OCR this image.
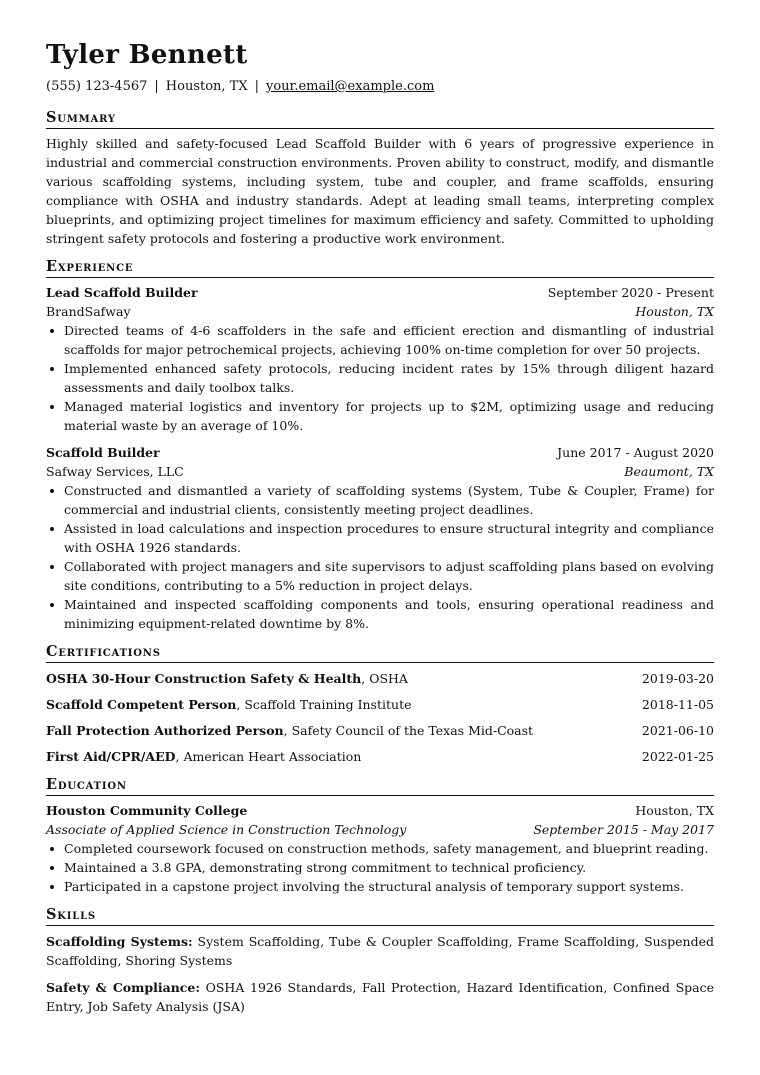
Tyler Bennett
(555) 123-4567 | Houston, TX | your.email@example.com
Summary
Highly skilled and safety-focused Lead Scaffold Builder with 6 years of progressive experience in industrial and commercial construction environments. Proven ability to construct, modify, and dismantle various scaffolding systems, including system, tube and coupler, and frame scaffolds, ensuring compliance with OSHA and industry standards. Adept at leading small teams, interpreting complex blueprints, and optimizing project timelines for maximum efficiency and safety. Committed to upholding stringent safety protocols and fostering a productive work environment.
Experience
Lead Scaffold Builder	September 2020 - Present
BrandSafway	Houston, TX
Directed teams of 4-6 scaffolders in the safe and efficient erection and dismantling of industrial scaffolds for major petrochemical projects, achieving 100% on-time completion for over 50 projects.
Implemented enhanced safety protocols, reducing incident rates by 15% through diligent hazard assessments and daily toolbox talks.
Managed material logistics and inventory for projects up to $2M, optimizing usage and reducing material waste by an average of 10%.
Scaffold Builder	June 2017 - August 2020
Safway Services, LLC	Beaumont, TX
Constructed and dismantled a variety of scaffolding systems (System, Tube & Coupler, Frame) for commercial and industrial clients, consistently meeting project deadlines.
Assisted in load calculations and inspection procedures to ensure structural integrity and compliance with OSHA 1926 standards.
Collaborated with project managers and site supervisors to adjust scaffolding plans based on evolving site conditions, contributing to a 5% reduction in project delays.
Maintained and inspected scaffolding components and tools, ensuring operational readiness and minimizing equipment-related downtime by 8%.
Certifications
OSHA 30-Hour Construction Safety & Health, OSHA	2019-03-20
Scaffold Competent Person, Scaffold Training Institute	2018-11-05
Fall Protection Authorized Person, Safety Council of the Texas Mid-Coast	2021-06-10
First Aid/CPR/AED, American Heart Association	2022-01-25
Education
Houston Community College	Houston, TX
Associate of Applied Science in Construction Technology	September 2015 - May 2017
Completed coursework focused on construction methods, safety management, and blueprint reading.
Maintained a 3.8 GPA, demonstrating strong commitment to technical proficiency.
Participated in a capstone project involving the structural analysis of temporary support systems.
Skills
Scaffolding Systems: System Scaffolding, Tube & Coupler Scaffolding, Frame Scaffolding, Suspended Scaffolding, Shoring Systems
Safety & Compliance: OSHA 1926 Standards, Fall Protection, Hazard Identification, Confined Space Entry, Job Safety Analysis (JSA)
